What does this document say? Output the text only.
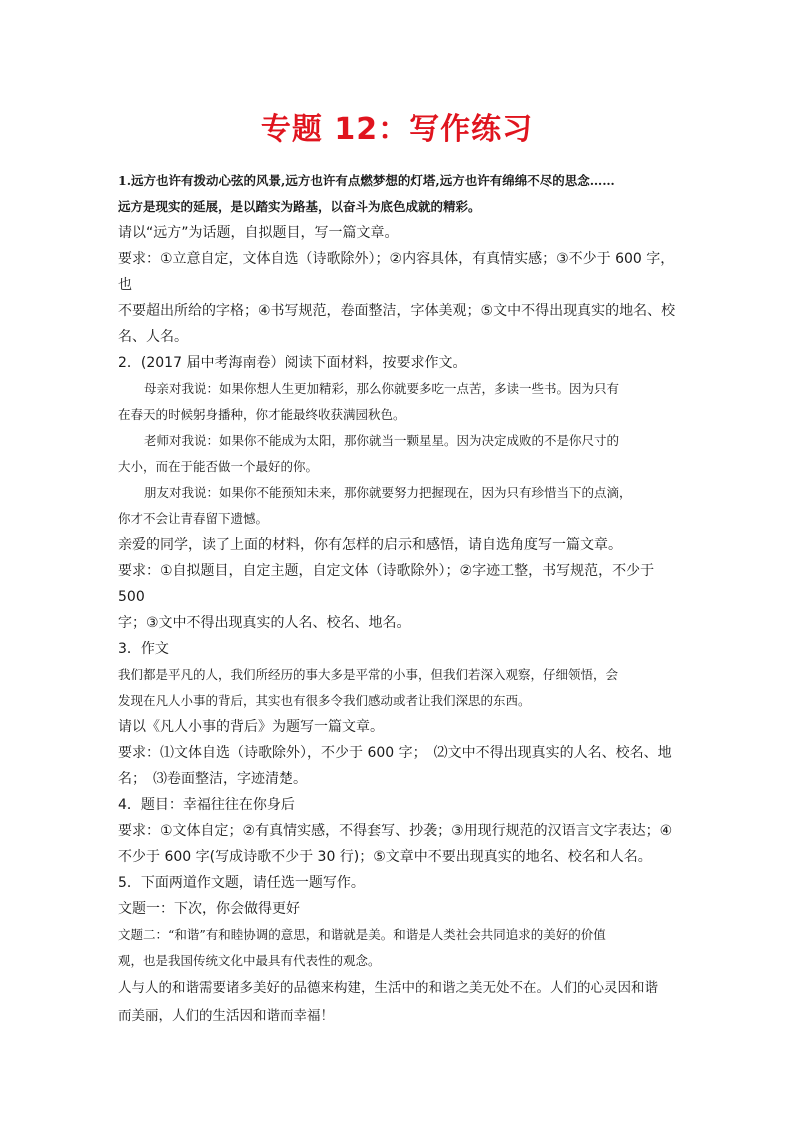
专题 12：写作练习

1.远方也许有拨动心弦的风景,远方也许有点燃梦想的灯塔,远方也许有绵绵不尽的思念……

远方是现实的延展，是以踏实为路基，以奋斗为底色成就的精彩。

请以“远方”为话题，自拟题目，写一篇文章。

要求：①立意自定，文体自选（诗歌除外）；②内容具体，有真情实感；③不少于 600 字，也

不要超出所给的字格；④书写规范，卷面整洁，字体美观；⑤文中不得出现真实的地名、校

名、人名。

2．(2017 届中考海南卷）阅读下面材料，按要求作文。

母亲对我说：如果你想人生更加精彩，那么你就要多吃一点苦，多读一些书。因为只有

在春天的时候躬身播种，你才能最终收获满园秋色。

老师对我说：如果你不能成为太阳，那你就当一颗星星。因为决定成败的不是你尺寸的

大小，而在于能否做一个最好的你。

朋友对我说：如果你不能预知未来，那你就要努力把握现在，因为只有珍惜当下的点滴，

你才不会让青春留下遗憾。

亲爱的同学，读了上面的材料，你有怎样的启示和感悟，请自选角度写一篇文章。

要求：①自拟题目，自定主题，自定文体（诗歌除外）；②字迹工整，书写规范，不少于 500

字；③文中不得出现真实的人名、校名、地名。

3．作文

我们都是平凡的人，我们所经历的事大多是平常的小事，但我们若深入观察，仔细领悟，会

发现在凡人小事的背后，其实也有很多令我们感动或者让我们深思的东西。

请以《凡人小事的背后》为题写一篇文章。

要求：⑴文体自选（诗歌除外），不少于 600 字；　⑵文中不得出现真实的人名、校名、地

名；　⑶卷面整洁，字迹清楚。

4．题目：幸福往往在你身后

要求：①文体自定；②有真情实感，不得套写、抄袭；③用现行规范的汉语言文字表达；④

不少于 600 字(写成诗歌不少于 30 行)；⑤文章中不要出现真实的地名、校名和人名。

5．下面两道作文题，请任选一题写作。

文题一：下次，你会做得更好

文题二：“和谐”有和睦协调的意思，和谐就是美。和谐是人类社会共同追求的美好的价值

观，也是我国传统文化中最具有代表性的观念。

人与人的和谐需要诸多美好的品德来构建，生活中的和谐之美无处不在。人们的心灵因和谐

而美丽，人们的生活因和谐而幸福！
